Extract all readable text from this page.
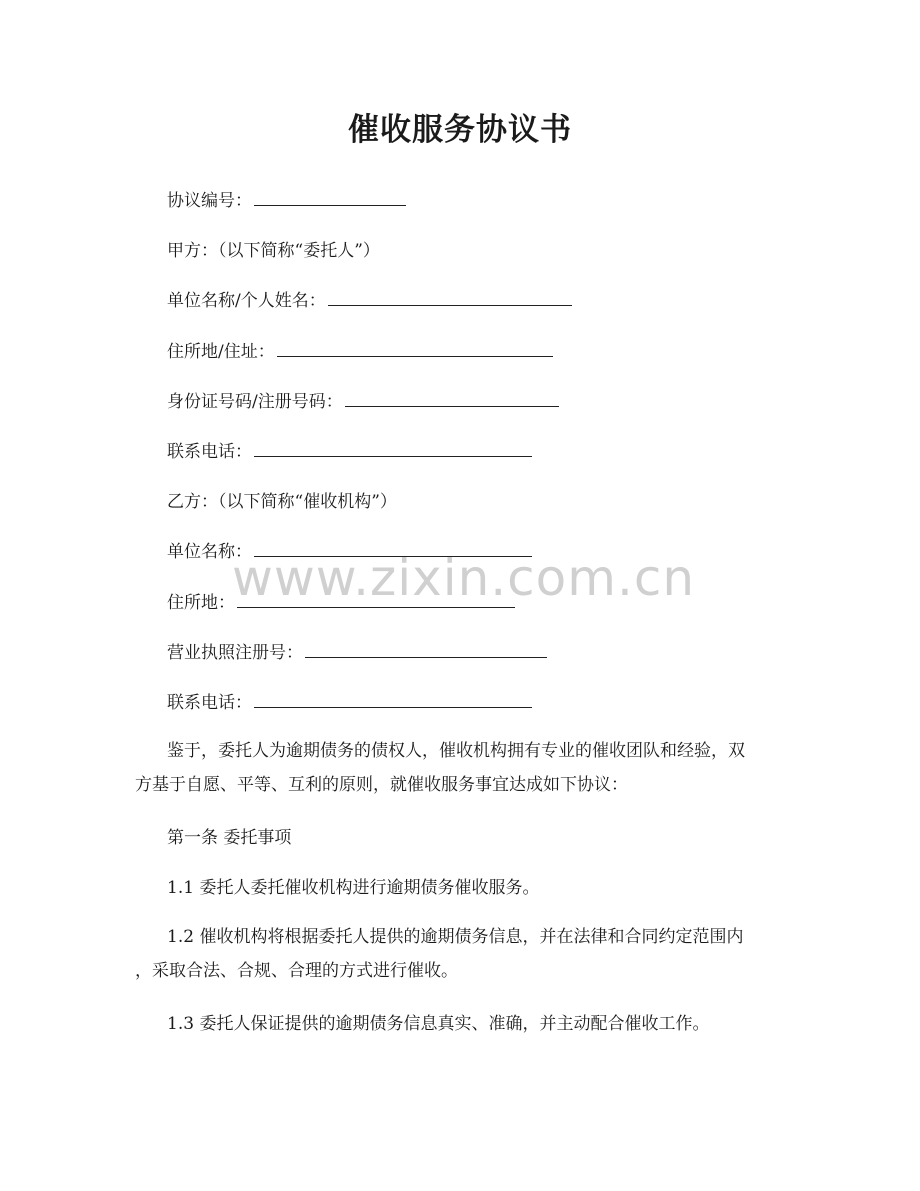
催收服务协议书
协议编号：
甲方：（以下简称“委托人”）
单位名称/个人姓名：
住所地/住址：
身份证号码/注册号码：
联系电话：
乙方：（以下简称“催收机构”）
单位名称：
住所地：
营业执照注册号：
联系电话：
鉴于，委托人为逾期债务的债权人，催收机构拥有专业的催收团队和经验，双
方基于自愿、平等、互利的原则，就催收服务事宜达成如下协议：
第一条 委托事项
1.1 委托人委托催收机构进行逾期债务催收服务。
1.2 催收机构将根据委托人提供的逾期债务信息，并在法律和合同约定范围内
，采取合法、合规、合理的方式进行催收。
1.3 委托人保证提供的逾期债务信息真实、准确，并主动配合催收工作。
www.zixin.com.cn
